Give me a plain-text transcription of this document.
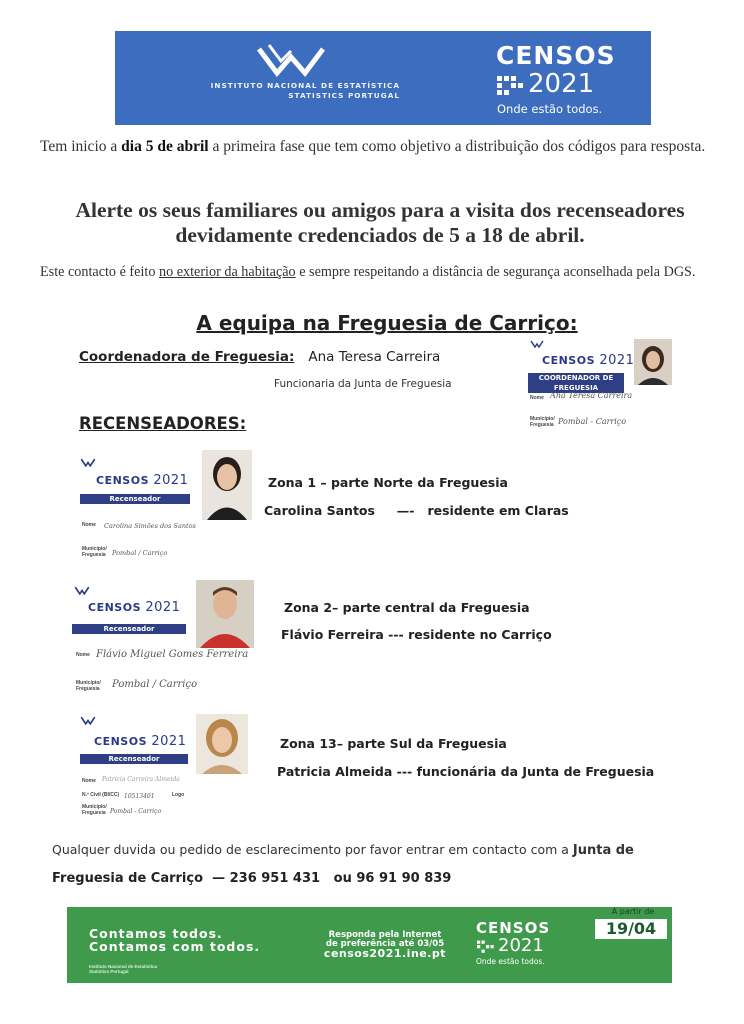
INSTITUTO NACIONAL DE ESTATÍSTICA
STATISTICS PORTUGAL
CENSOS
2021
Onde estão todos.
Tem inicio a dia 5 de abril a primeira fase que tem como objetivo a distribuição dos códigos para resposta.
Alerte os seus familiares ou amigos para a visita dos recenseadores devidamente credenciados de 5 a 18 de abril.
Este contacto é feito no exterior da habitação e sempre respeitando a distância de segurança aconselhada pela DGS.
A equipa na Freguesia de Carriço:
Coordenadora de Freguesia: Ana Teresa Carreira
Funcionaria da Junta de Freguesia
CENSOS 2021
COORDENADOR DE FREGUESIA
Nome Ana Teresa Carreira
Município/ Freguesia Pombal - Carriço
RECENSEADORES:
CENSOS 2021
Recenseador
Nome Carolina Simões dos Santos
Município/ Freguesia Pombal / Carriço
Zona 1 – parte Norte da Freguesia
Carolina Santos     —-   residente em Claras
CENSOS 2021
Recenseador
Nome Flávio Miguel Gomes Ferreira
Município/ Freguesia Pombal / Carriço
Zona 2– parte central da Freguesia
Flávio Ferreira --- residente no Carriço
CENSOS 2021
Recenseador
Nome Patrícia Carreira Almeida
N.º Civil (BI/CC) 10513401	Logo
Município/ Freguesia Pombal - Carriço
Zona 13– parte Sul da Freguesia
Patricia Almeida --- funcionária da Junta de Freguesia
Qualquer duvida ou pedido de esclarecimento por favor entrar em contacto com a Junta de
Freguesia de Carriço  — 236 951 431   ou 96 91 90 839
Contamos todos.
Contamos com todos.
Instituto Nacional de Estatística
Statistics Portugal
Responda pela Internet
de preferência até 03/05
censos2021.ine.pt
CENSOS
2021
Onde estão todos.
A partir de
19/04
